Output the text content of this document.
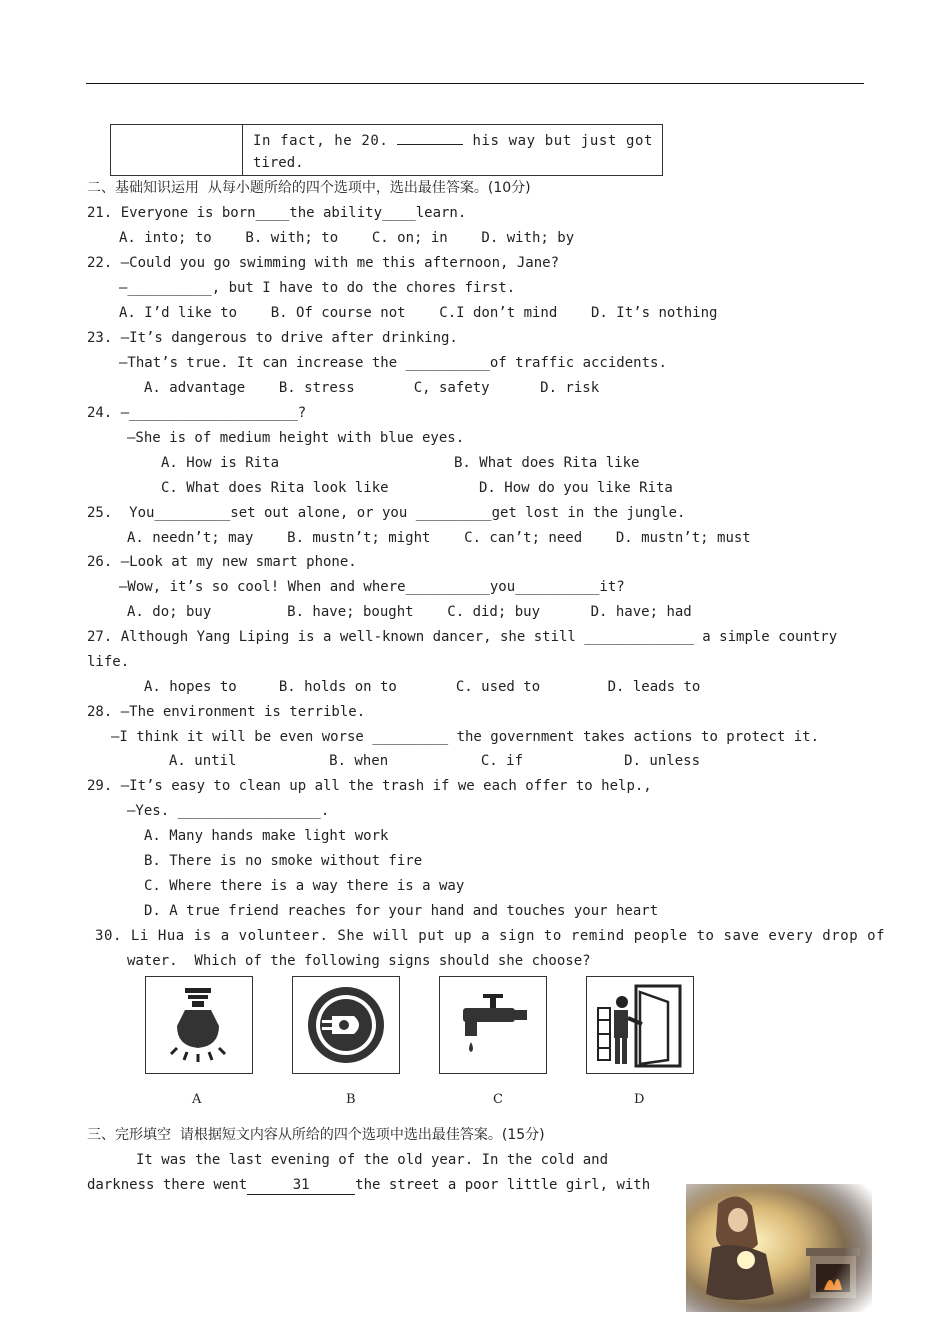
In fact, he 20.	his way but just got
tired.
二、基础知识运用  从每小题所给的四个选项中，选出最佳答案。(10分)
21. Everyone is born____the ability____learn.
A. into; to    B. with; to    C. on; in    D. with; by
22. —Could you go swimming with me this afternoon, Jane?
—__________, but I have to do the chores first.
A. I’d like to    B. Of course not    C.I don’t mind    D. It’s nothing
23. —It’s dangerous to drive after drinking.
—That’s true. It can increase the __________of traffic accidents.
A. advantage    B. stress       C, safety      D. risk
24. —____________________?
—She is of medium height with blue eyes.
A. How is Rita	B. What does Rita like
C. What does Rita look like	D. How do you like Rita
25.  You_________set out alone, or you _________get lost in the jungle.
A. needn’t; may    B. mustn’t; might    C. can’t; need    D. mustn’t; must
26. —Look at my new smart phone.
—Wow, it’s so cool! When and where__________you__________it?
A. do; buy         B. have; bought    C. did; buy      D. have; had
27. Although Yang Liping is a well-known dancer, she still _____________ a simple country
life.
A. hopes to     B. holds on to       C. used to        D. leads to
28. —The environment is terrible.
—I think it will be even worse _________ the government takes actions to protect it.
A. until           B. when           C. if            D. unless
29. —It’s easy to clean up all the trash if we each offer to help.,
—Yes. _________________.
A. Many hands make light work
B. There is no smoke without fire
C. Where there is a way there is a way
D. A true friend reaches for your hand and touches your heart
30. Li Hua is a volunteer. She will put up a sign to remind people to save every drop of
water.  Which of the following signs should she choose?
A	B	C	D
三、完形填空  请根据短文内容从所给的四个选项中选出最佳答案。(15分)
It was the last evening of the old year. In the cold and
darkness there went	31	the street a poor little girl, with
